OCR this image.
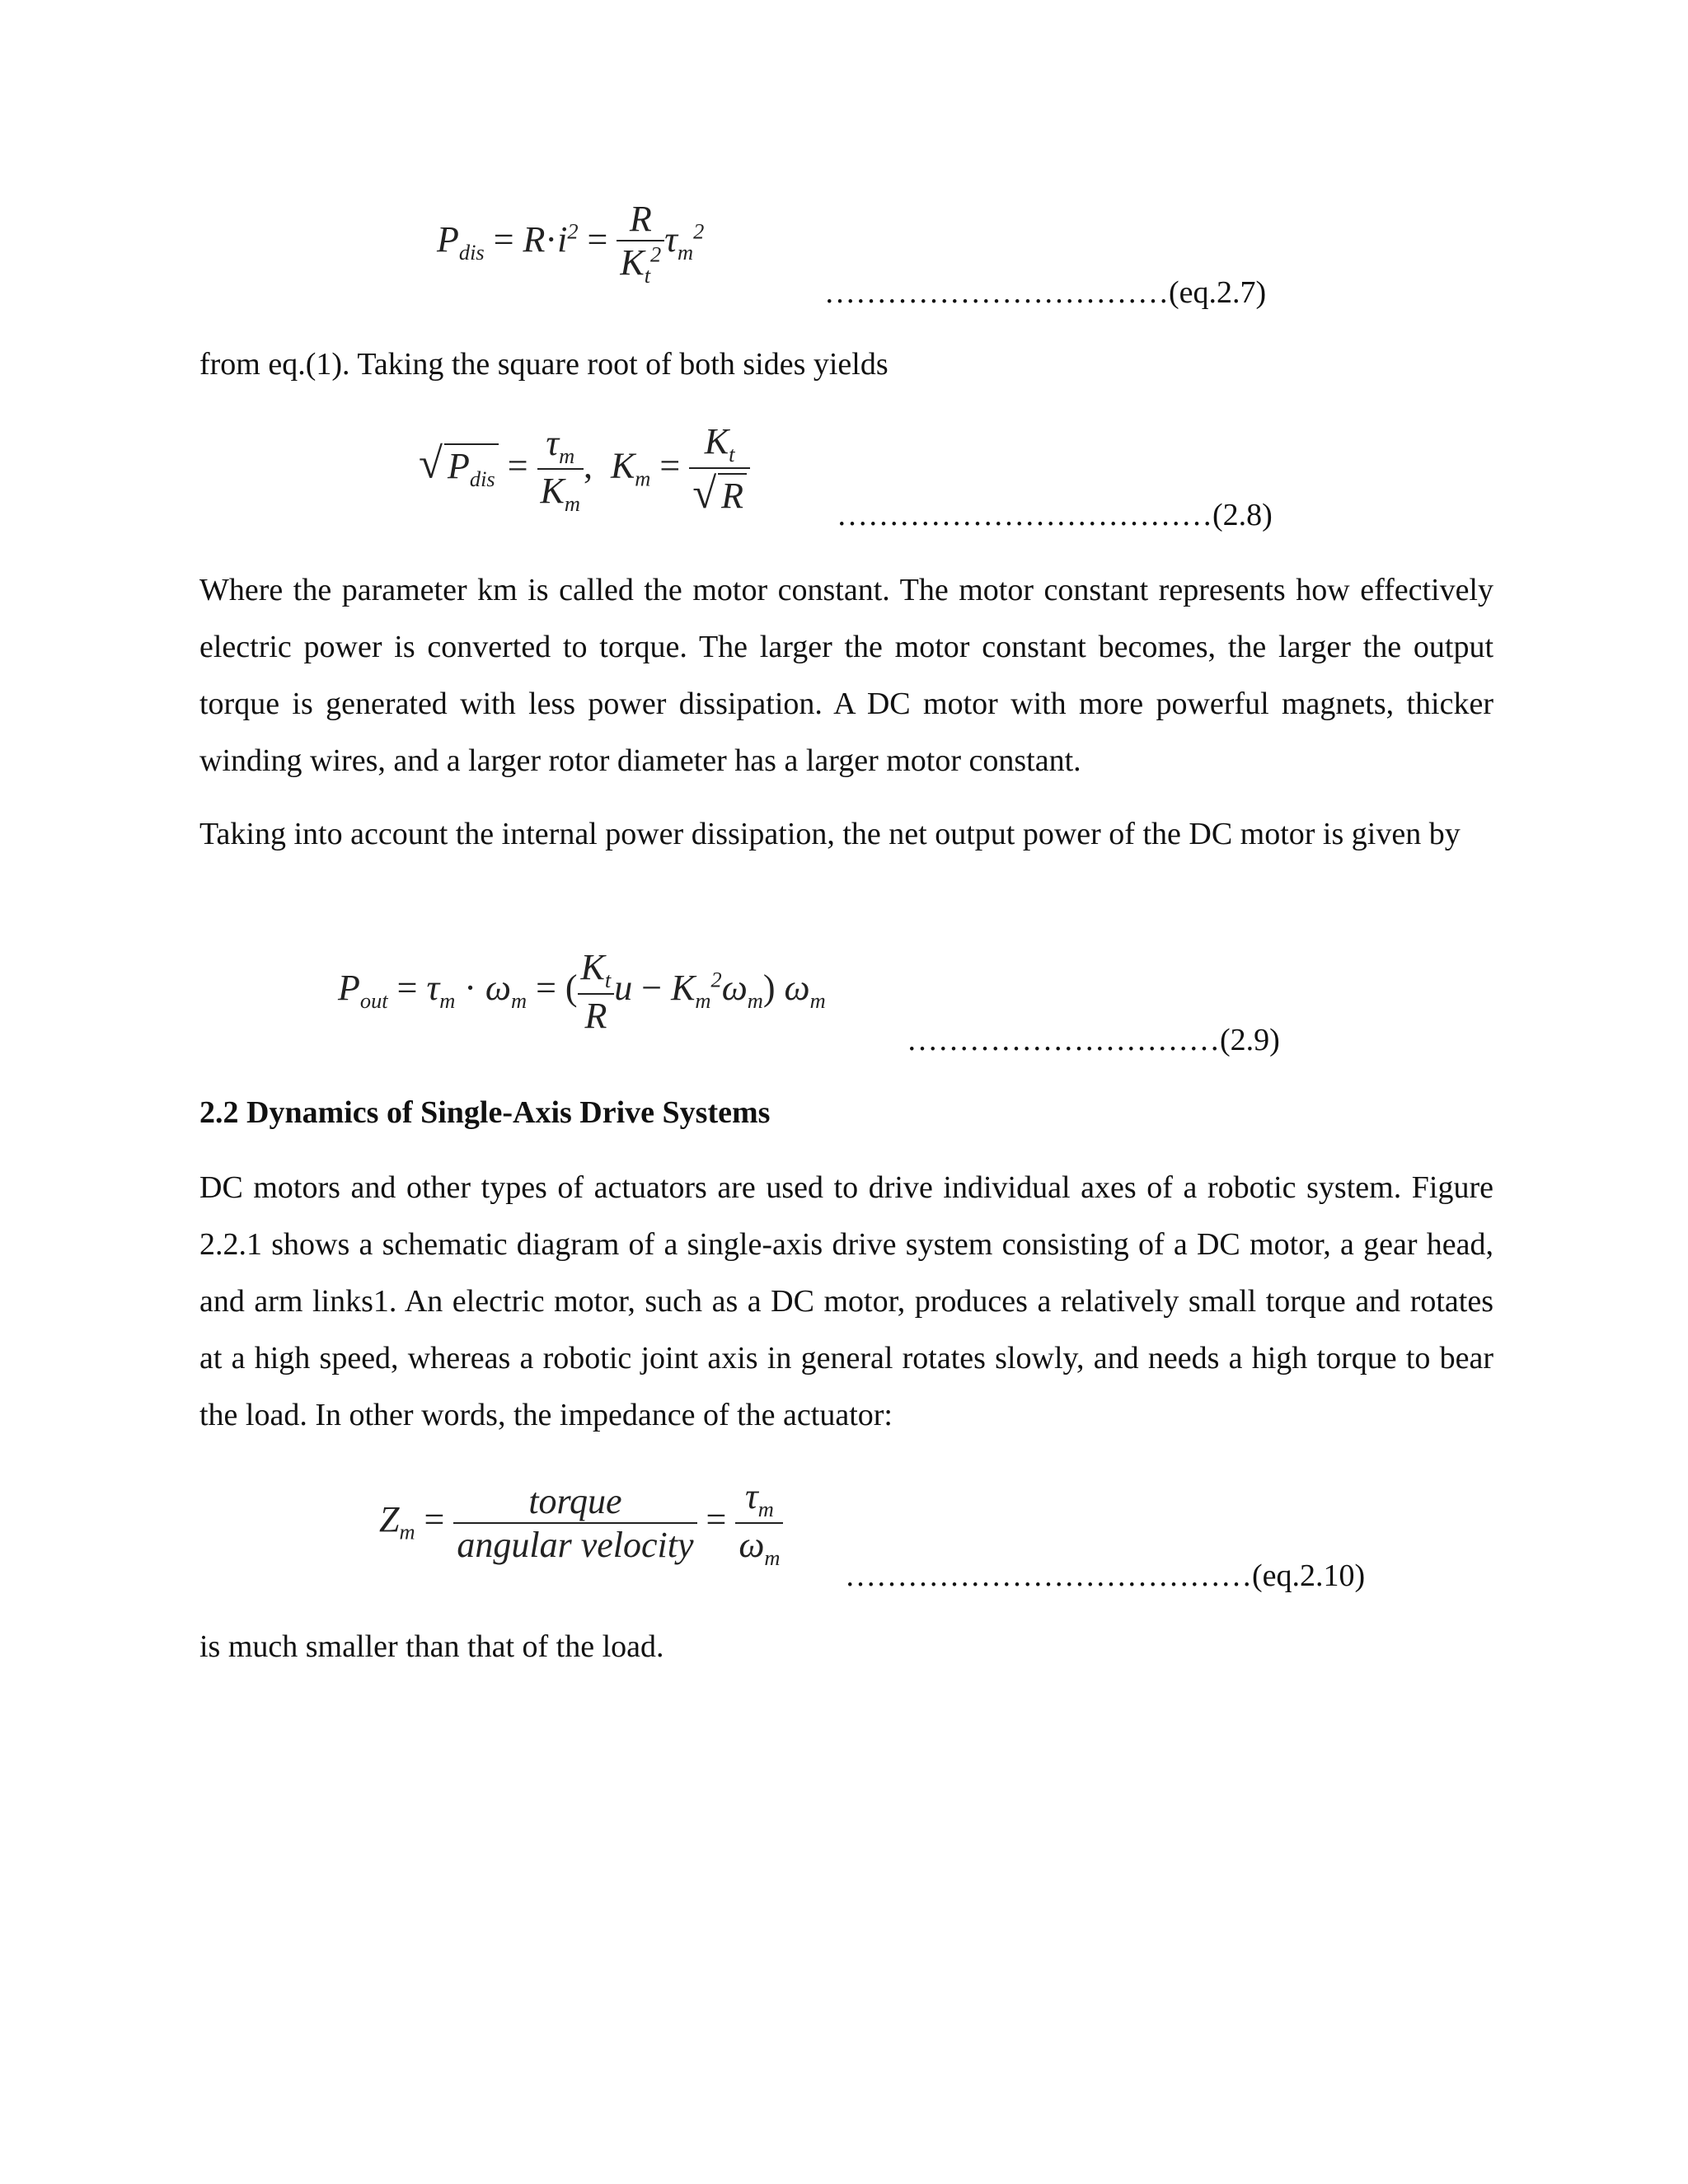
$P_{dis} = R\cdot i^2 = \frac{R}{K_t^2} \tau_m^2$
……………………………(eq.2.7)
from eq.(1). Taking the square root of both sides yields
√ $P_{dis} = \frac{\tau_m}{K_m}$ ,  $K_m = \frac{K_t}{√ R}$	………………………………(2.8)

Where the parameter km is called the motor constant. The motor constant represents how effectively electric power is converted to torque. The larger the motor constant becomes, the larger the output torque is generated with less power dissipation. A DC motor with more powerful magnets, thicker winding wires, and a larger rotor diameter has a larger motor constant.

Taking into account the internal power dissipation, the net output power of the DC motor is given by

$P_{out} = \tau_m \cdot \omega_m$ = ( $\frac{K_t}{R}$ $u - K_m^2\omega_m$) $\omega_m$
…………………………(2.9)
2.2 Dynamics of Single-Axis Drive Systems

DC motors and other types of actuators are used to drive individual axes of a robotic system. Figure 2.2.1 shows a schematic diagram of a single-axis drive system consisting of a DC motor, a gear head, and arm links1. An electric motor, such as a DC motor, produces a relatively small torque and rotates at a high speed, whereas a robotic joint axis in general rotates slowly, and needs a high torque to bear the load. In other words, the impedance of the actuator:

$Z_m = \frac{\text{torque}}{\text{angular velocity}} = \frac{\tau_m}{\omega_m}$
…………………………………(eq.2.10)
is much smaller than that of the load.
